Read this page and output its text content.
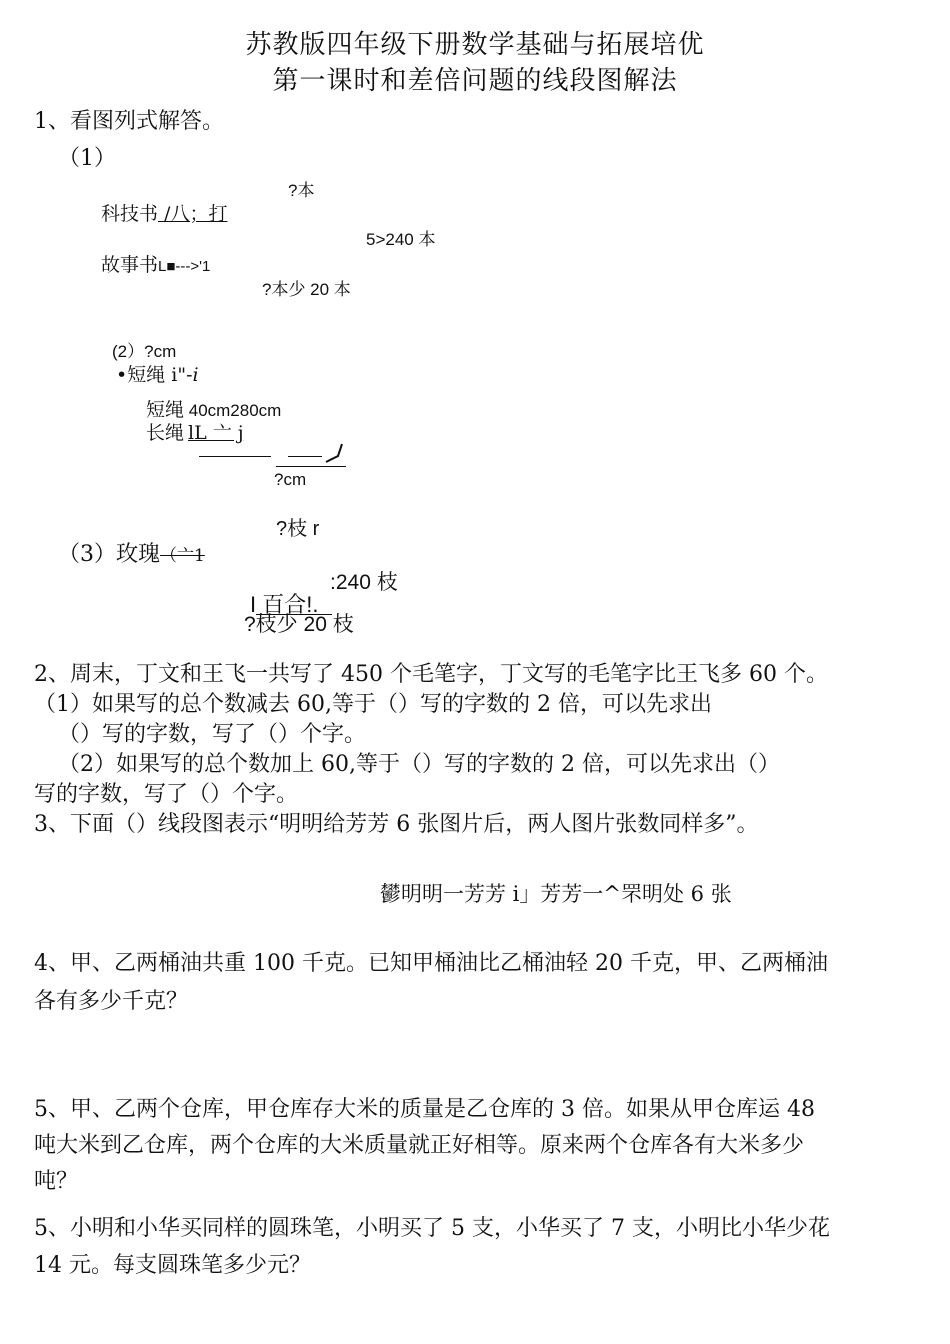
苏教版四年级下册数学基础与拓展培优
第一课时和差倍问题的线段图解法
1、看图列式解答。
（1）
?本
科技书 /八；打
5>240 本
故事书L■--->'1
?本少 20 本
(2）?cm
•短绳 i"-i
短绳 40cm280cm
长绳 lL 亠 j
?cm
?枝 r
（3）玫瑰（亠1
:240 枝
I 百合!.
?枝少 20 枝
2、周末，丁文和王飞一共写了 450 个毛笔字，丁文写的毛笔字比王飞多 60 个。
（1）如果写的总个数减去 60,等于（）写的字数的 2 倍，可以先求出
（）写的字数，写了（）个字。
（2）如果写的总个数加上 60,等于（）写的字数的 2 倍，可以先求出（）
写的字数，写了（）个字。
3、下面（）线段图表示“明明给芳芳 6 张图片后，两人图片张数同样多”。
鬰明明一芳芳 i」芳芳一^罘明处 6 张
4、甲、乙两桶油共重 100 千克。已知甲桶油比乙桶油轻 20 千克，甲、乙两桶油
各有多少千克？
5、甲、乙两个仓库，甲仓库存大米的质量是乙仓库的 3 倍。如果从甲仓库运 48
吨大米到乙仓库，两个仓库的大米质量就正好相等。原来两个仓库各有大米多少
吨？
5、小明和小华买同样的圆珠笔，小明买了 5 支，小华买了 7 支，小明比小华少花
14 元。每支圆珠笔多少元？
